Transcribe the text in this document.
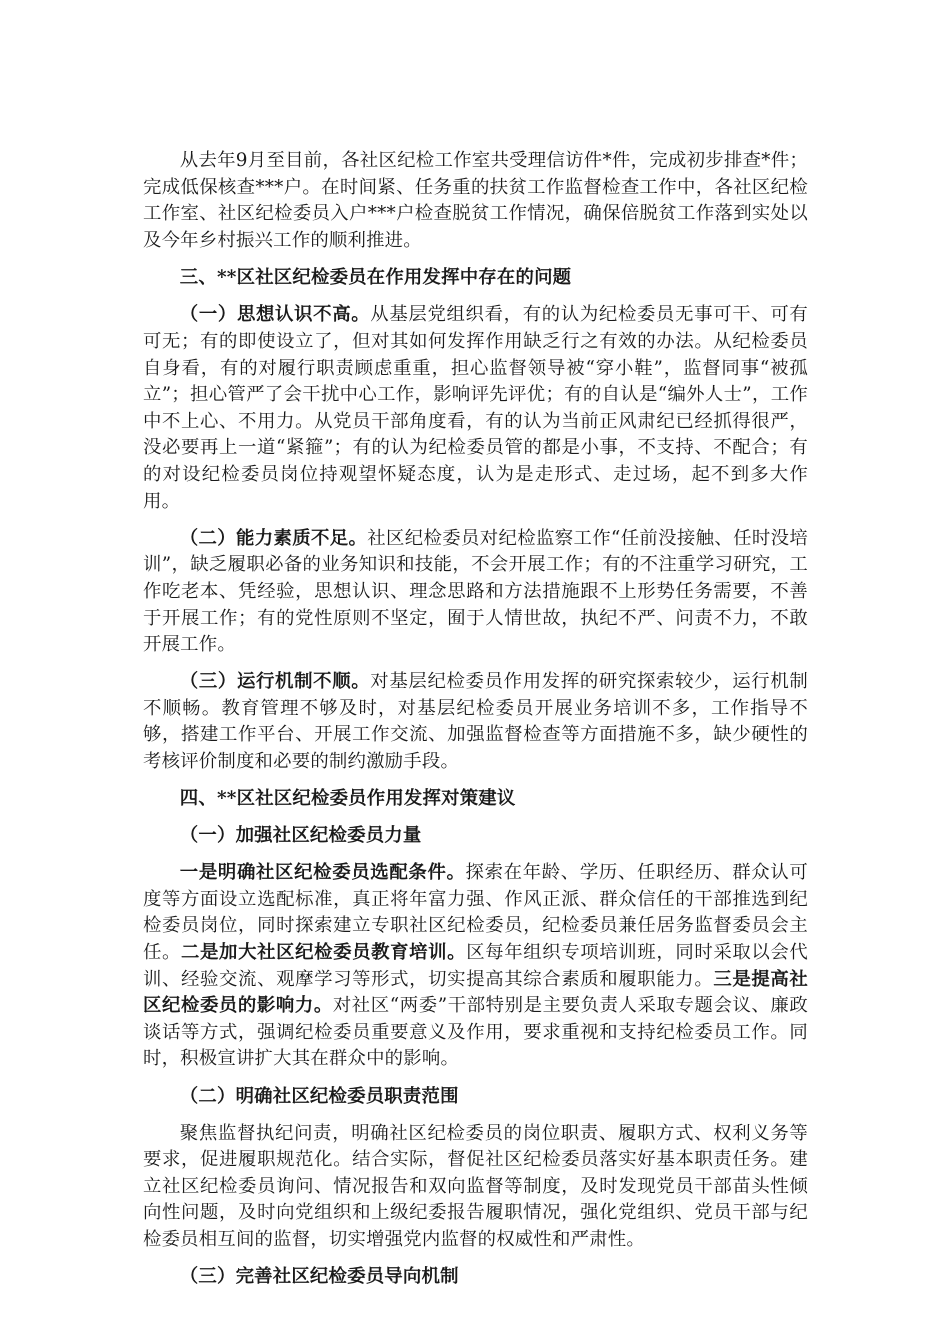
从去年9月至目前，各社区纪检工作室共受理信访件*件，完成初步排查*件；完成低保核查***户。在时间紧、任务重的扶贫工作监督检查工作中，各社区纪检工作室、社区纪检委员入户***户检查脱贫工作情况，确保倍脱贫工作落到实处以及今年乡村振兴工作的顺利推进。

三、**区社区纪检委员在作用发挥中存在的问题

（一）思想认识不高。从基层党组织看，有的认为纪检委员无事可干、可有可无；有的即使设立了，但对其如何发挥作用缺乏行之有效的办法。从纪检委员自身看，有的对履行职责顾虑重重，担心监督领导被“穿小鞋”，监督同事“被孤立”；担心管严了会干扰中心工作，影响评先评优；有的自认是“编外人士”，工作中不上心、不用力。从党员干部角度看，有的认为当前正风肃纪已经抓得很严，没必要再上一道“紧箍”；有的认为纪检委员管的都是小事，不支持、不配合；有的对设纪检委员岗位持观望怀疑态度，认为是走形式、走过场，起不到多大作用。

（二）能力素质不足。社区纪检委员对纪检监察工作“任前没接触、任时没培训”，缺乏履职必备的业务知识和技能，不会开展工作；有的不注重学习研究，工作吃老本、凭经验，思想认识、理念思路和方法措施跟不上形势任务需要，不善于开展工作；有的党性原则不坚定，囿于人情世故，执纪不严、问责不力，不敢开展工作。

（三）运行机制不顺。对基层纪检委员作用发挥的研究探索较少，运行机制不顺畅。教育管理不够及时，对基层纪检委员开展业务培训不多，工作指导不够，搭建工作平台、开展工作交流、加强监督检查等方面措施不多，缺少硬性的考核评价制度和必要的制约激励手段。

四、**区社区纪检委员作用发挥对策建议

（一）加强社区纪检委员力量

一是明确社区纪检委员选配条件。探索在年龄、学历、任职经历、群众认可度等方面设立选配标准，真正将年富力强、作风正派、群众信任的干部推选到纪检委员岗位，同时探索建立专职社区纪检委员，纪检委员兼任居务监督委员会主任。二是加大社区纪检委员教育培训。区每年组织专项培训班，同时采取以会代训、经验交流、观摩学习等形式，切实提高其综合素质和履职能力。三是提高社区纪检委员的影响力。对社区“两委”干部特别是主要负责人采取专题会议、廉政谈话等方式，强调纪检委员重要意义及作用，要求重视和支持纪检委员工作。同时，积极宣讲扩大其在群众中的影响。

（二）明确社区纪检委员职责范围

聚焦监督执纪问责，明确社区纪检委员的岗位职责、履职方式、权利义务等要求，促进履职规范化。结合实际，督促社区纪检委员落实好基本职责任务。建立社区纪检委员询问、情况报告和双向监督等制度，及时发现党员干部苗头性倾向性问题，及时向党组织和上级纪委报告履职情况，强化党组织、党员干部与纪检委员相互间的监督，切实增强党内监督的权威性和严肃性。

（三）完善社区纪检委员导向机制
